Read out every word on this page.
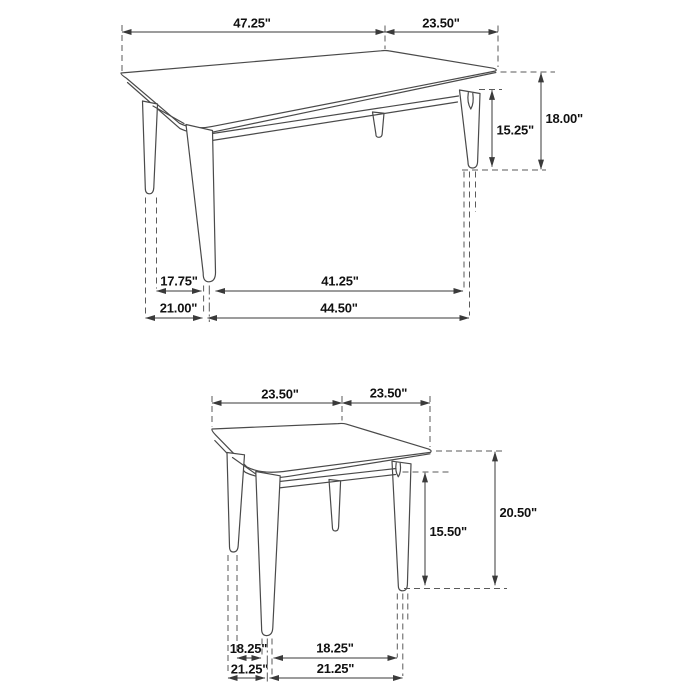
47.25"	23.50"
18.00"
15.25"
17.75"	41.25"
21.00"	44.50"
23.50"	23.50"
20.50"
15.50"
18.25"	18.25"
21.25"	21.25"
